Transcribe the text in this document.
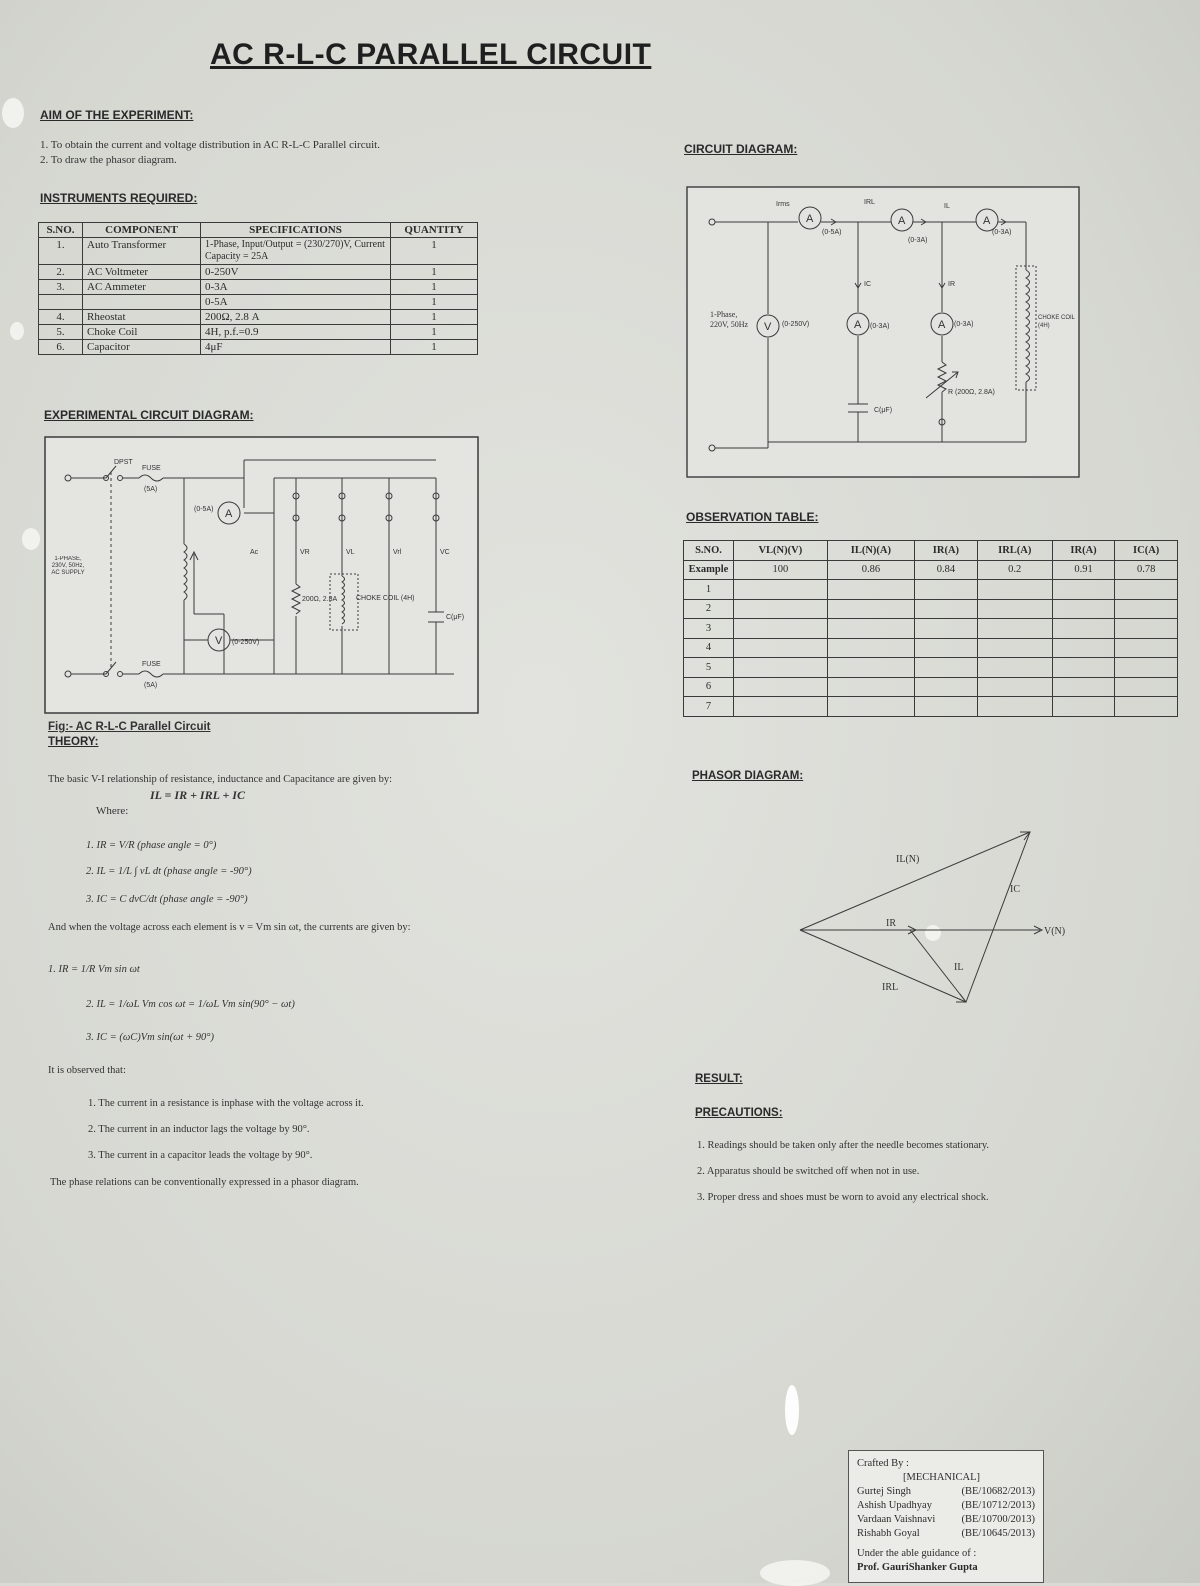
AC R-L-C PARALLEL CIRCUIT
AIM OF THE EXPERIMENT:
1. To obtain the current and voltage distribution in AC R-L-C Parallel circuit.
2. To draw the phasor diagram.
INSTRUMENTS REQUIRED:
S.NO.	COMPONENT	SPECIFICATIONS	QUANTITY
1.	Auto Transformer	1-Phase, Input/Output = (230/270)V, Current Capacity = 25A	1
2.	AC Voltmeter	0-250V	1
3.	AC Ammeter	0-3A	1
		0-5A	1
4.	Rheostat	200Ω, 2.8 A	1
5.	Choke Coil	4H, p.f.=0.9	1
6.	Capacitor	4μF	1
EXPERIMENTAL CIRCUIT DIAGRAM:
A
V
(0-5A)
(0-250V)
DPST
FUSE
(5A)
FUSE
(5A)
200Ω, 2.8A	CHOKE COIL (4H)
C(μF)
Ac	VR	VL	Vrl	VC
1-PHASE, 230V, 50Hz, AC SUPPLY
Fig:- AC R-L-C Parallel Circuit
THEORY:
The basic V-I relationship of resistance, inductance and Capacitance are given by:
IL = IR + IRL + IC
Where:
1. IR = V/R (phase angle = 0°)
2. IL = 1/L ∫ vL dt (phase angle = -90°)
3. IC = C dvC/dt (phase angle = -90°)
And when the voltage across each element is v = Vm sin ωt, the currents are given by:
1. IR = 1/R Vm sin ωt
2. IL = 1/ωL Vm cos ωt = 1/ωL Vm sin(90° − ωt)
3. IC = (ωC)Vm sin(ωt + 90°)
It is observed that:
1. The current in a resistance is inphase with the voltage across it.
2. The current in an inductor lags the voltage by 90°.
3. The current in a capacitor leads the voltage by 90°.
The phase relations can be conventionally expressed in a phasor diagram.
CIRCUIT DIAGRAM:
A	A	A
V	A	A
(0-5A)
(0-3A)
(0-3A)
(0-250V)	(0-3A)	(0-3A)
Irms	IRL
IL
IC	IR
R (200Ω, 2.8A)
C(μF)
1-Phase, 220V, 50Hz
CHOKE COIL (4H)
OBSERVATION TABLE:
S.NO.	VL(N)(V)	IL(N)(A)	IR(A)	IRL(A)	IR(A)	IC(A)
Example	100	0.86	0.84	0.2	0.91	0.78
1						
2						
3						
4						
5						
6						
7						
PHASOR DIAGRAM:
IL(N)
IC
IR
V(N)
IL
IRL
RESULT:
PRECAUTIONS:
1. Readings should be taken only after the needle becomes stationary.
2. Apparatus should be switched off when not in use.
3. Proper dress and shoes must be worn to avoid any electrical shock.
Crafted By :
[MECHANICAL]
Gurtej Singh	(BE/10682/2013)
Ashish Upadhyay	(BE/10712/2013)
Vardaan Vaishnavi	(BE/10700/2013)
Rishabh Goyal	(BE/10645/2013)
Under the able guidance of :
Prof. GauriShanker Gupta
